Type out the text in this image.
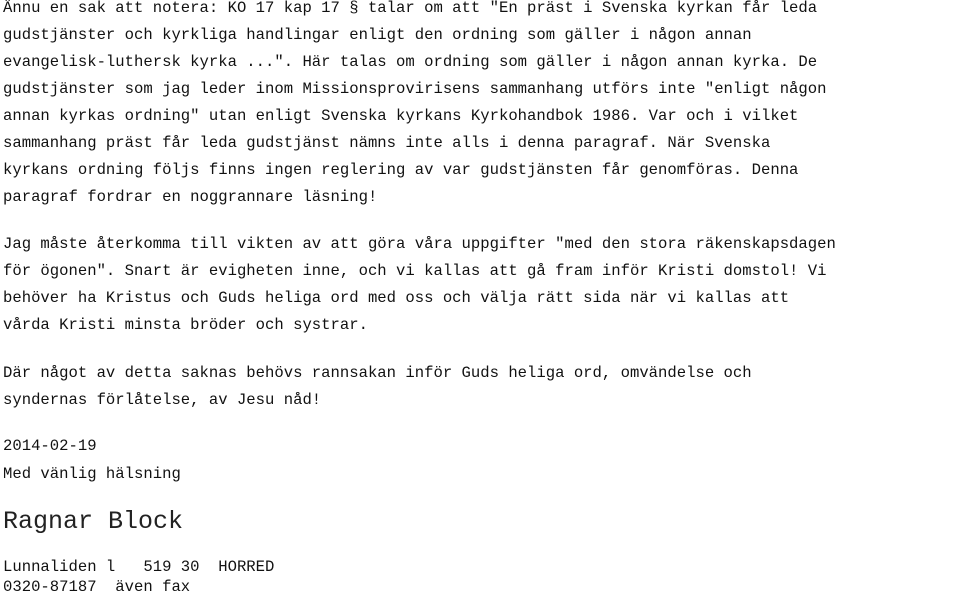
Ännu en sak att notera: KO 17 kap 17 § talar om att "En präst i Svenska kyrkan får leda
gudstjänster och kyrkliga handlingar enligt den ordning som gäller i någon annan
evangelisk-luthersk kyrka ...". Här talas om ordning som gäller i någon annan kyrka. De
gudstjänster som jag leder inom Missionsprovirisens sammanhang utförs inte "enligt någon
annan kyrkas ordning" utan enligt Svenska kyrkans Kyrkohandbok 1986. Var och i vilket
sammanhang präst får leda gudstjänst nämns inte alls i denna paragraf. När Svenska
kyrkans ordning följs finns ingen reglering av var gudstjänsten får genomföras. Denna
paragraf fordrar en noggrannare läsning!
Jag måste återkomma till vikten av att göra våra uppgifter "med den stora räkenskapsdagen
för ögonen". Snart är evigheten inne, och vi kallas att gå fram inför Kristi domstol! Vi
behöver ha Kristus och Guds heliga ord med oss och välja rätt sida när vi kallas att
vårda Kristi minsta bröder och systrar.
Där något av detta saknas behövs rannsakan inför Guds heliga ord, omvändelse och
syndernas förlåtelse, av Jesu nåd!
2014-02-19
Med vänlig hälsning
Ragnar Block
Lunnaliden l   519 30  HORRED
0320-87187  även fax
